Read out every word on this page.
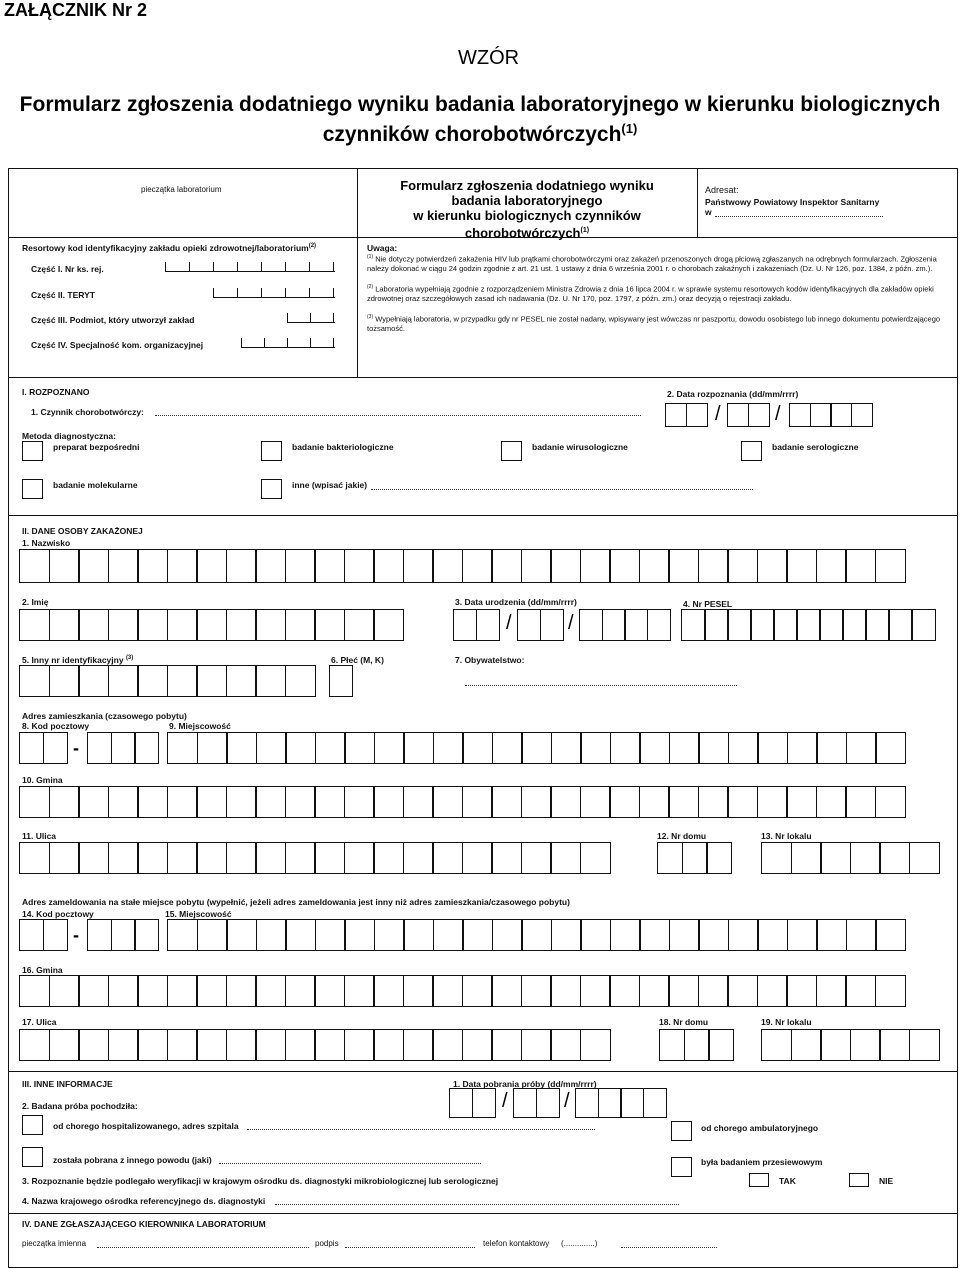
ZAŁĄCZNIK Nr 2
WZÓR
Formularz zgłoszenia dodatniego wyniku badania laboratoryjnego w kierunku biologicznych
czynników chorobotwórczych$^{(1)}$
pieczątka laboratorium	Formularz zgłoszenia dodatniego wyniku
badania laboratoryjnego
w kierunku biologicznych czynników
chorobotwórczych$^{(1)}$
Adresat:
Państwowy Powiatowy Inspektor Sanitarny
w
Resortowy kod identyfikacyjny zakładu opieki zdrowotnej/laboratorium$^{(2)}$
Część I. Nr ks. rej.
Część II. TERYT
Część III. Podmiot, który utworzył zakład
Część IV. Specjalność kom. organizacyjnej
Uwaga:
$^{(1)}$ Nie dotyczy potwierdzeń zakażenia HIV lub prątkami chorobotwórczymi oraz zakażeń przenoszonych drogą płciową zgłaszanych na odrębnych formularzach. Zgłoszenia należy dokonać w ciągu 24 godzin zgodnie z art. 21 ust. 1 ustawy z dnia 6 września 2001 r. o chorobach zakaźnych i zakażeniach (Dz. U. Nr 126, poz. 1384, z późn. zm.).
$^{(2)}$ Laboratoria wypełniają zgodnie z rozporządzeniem Ministra Zdrowia z dnia 16 lipca 2004 r. w sprawie systemu resortowych kodów identyfikacyjnych dla zakładów opieki zdrowotnej oraz szczegółowych zasad ich nadawania (Dz. U. Nr 170, poz. 1797, z późn. zm.) oraz decyzją o rejestracji zakładu.
$^{(3)}$ Wypełniają laboratoria, w przypadku gdy nr PESEL nie został nadany, wpisywany jest wówczas nr paszportu, dowodu osobistego lub innego dokumentu potwierdzającego tożsamość.
I. ROZPOZNANO
1. Czynnik chorobotwórczy:
2. Data rozpoznania (dd/mm/rrrr)
/	/
Metoda diagnostyczna:
preparat bezpośredni	badanie bakteriologiczne	badanie wirusologiczne	badanie serologiczne
badanie molekularne	inne (wpisać jakie)
II. DANE OSOBY ZAKAŻONEJ
1. Nazwisko
2. Imię	3. Data urodzenia (dd/mm/rrrr)
/	/
4. Nr PESEL
5. Inny nr identyfikacyjny $^{(3)}$	6. Płeć (M, K)	7. Obywatelstwo:
Adres zamieszkania (czasowego pobytu)
8. Kod pocztowy	9. Miejscowość
-
10. Gmina
11. Ulica	12. Nr domu	13. Nr lokalu
Adres zameldowania na stałe miejsce pobytu (wypełnić, jeżeli adres zameldowania jest inny niż adres zamieszkania/czasowego pobytu)
14. Kod pocztowy	15. Miejscowość
-
16. Gmina
17. Ulica	18. Nr domu	19. Nr lokalu
III. INNE INFORMACJE	1. Data pobrania próby (dd/mm/rrrr)
/	/
2. Badana próba pochodziła:
od chorego hospitalizowanego, adres szpitala	od chorego ambulatoryjnego
została pobrana z innego powodu (jaki)	była badaniem przesiewowym
3. Rozpoznanie będzie podlegało weryfikacji w krajowym ośrodku ds. diagnostyki mikrobiologicznej lub serologicznej	TAK	NIE
4. Nazwa krajowego ośrodka referencyjnego ds. diagnostyki
IV. DANE ZGŁASZAJĄCEGO KIEROWNIKA LABORATORIUM
pieczątka imienna	podpis	telefon kontaktowy (..............)
